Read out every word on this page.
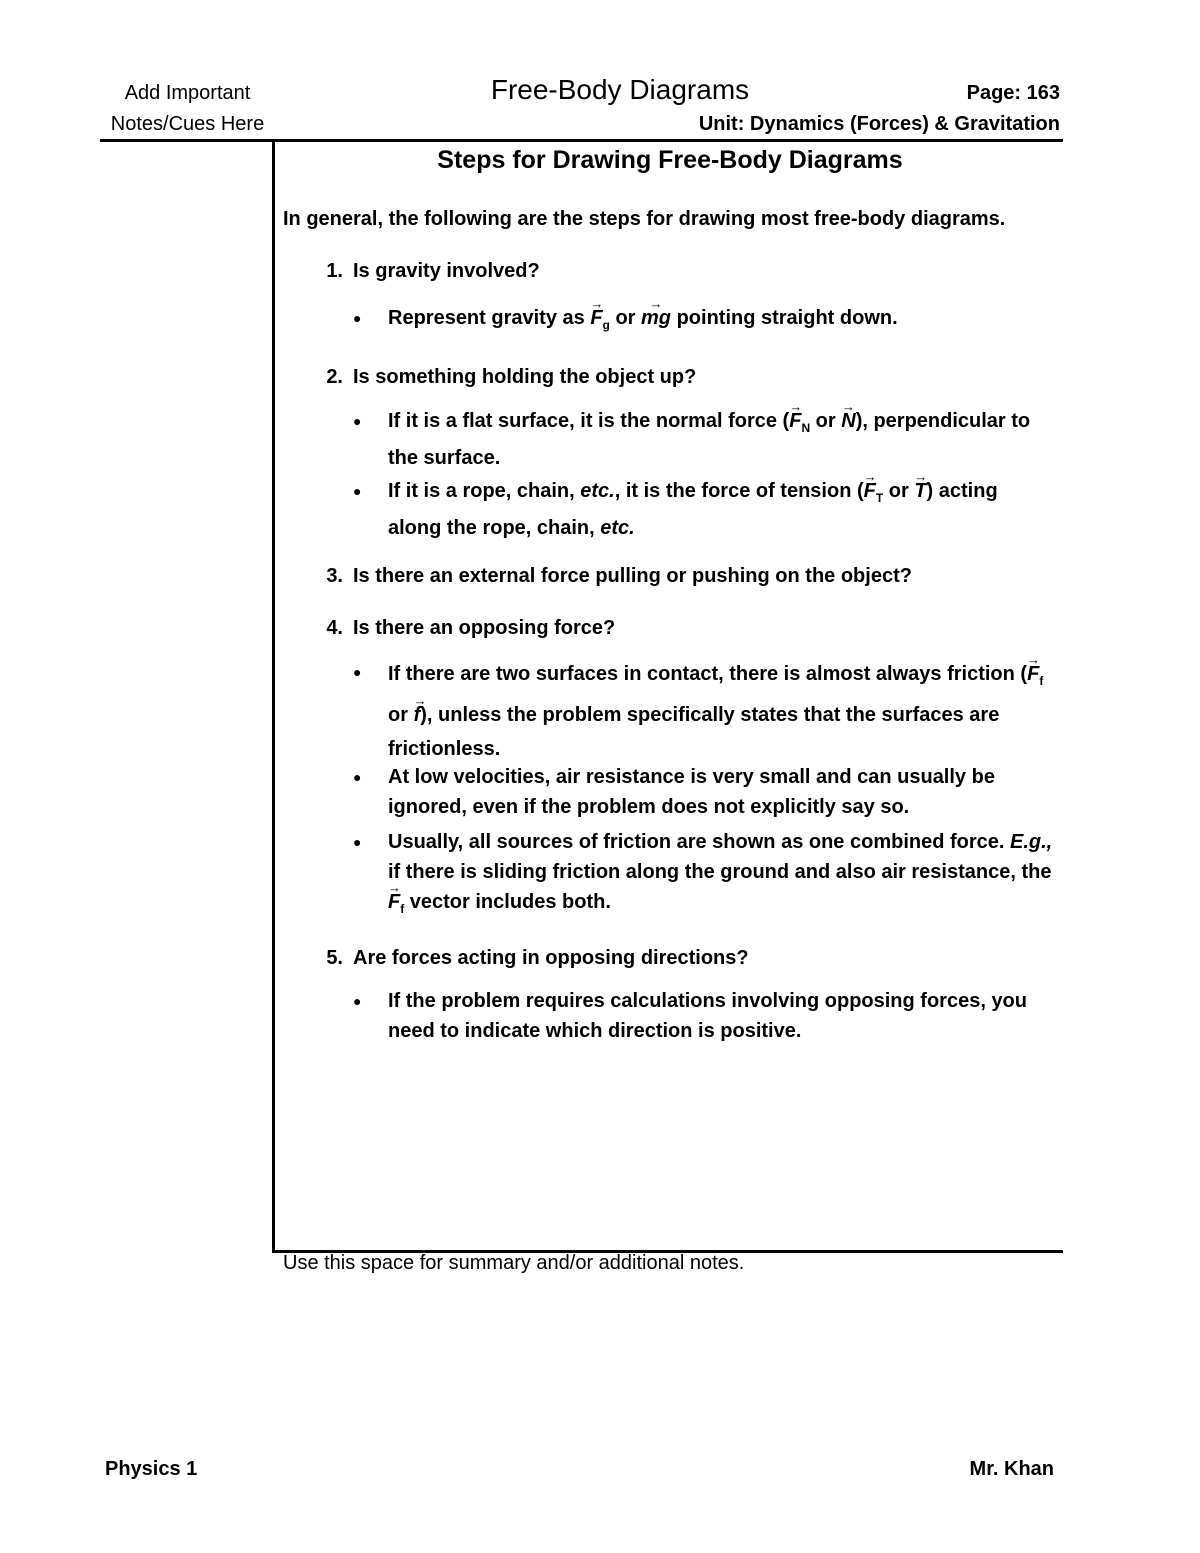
Add Important
Notes/Cues Here
Free-Body Diagrams	Page: 163
Unit: Dynamics (Forces) & Gravitation
Steps for Drawing Free-Body Diagrams
In general, the following are the steps for drawing most free-body diagrams.
1. Is gravity involved?
●	Represent gravity as → $F_g$ or → mg pointing straight down.
2. Is something holding the object up?
●	If it is a flat surface, it is the normal force (→ $F_N$ or → N), perpendicular to the surface.
●	If it is a rope, chain, etc., it is the force of tension (→ $F_T$ or → T) acting along the rope, chain, etc.
3. Is there an external force pulling or pushing on the object?
4. Is there an opposing force?
●	If there are two surfaces in contact, there is almost always friction (→ $F_f$ or → f), unless the problem specifically states that the surfaces are frictionless.
●	At low velocities, air resistance is very small and can usually be ignored, even if the problem does not explicitly say so.
●	Usually, all sources of friction are shown as one combined force. E.g., if there is sliding friction along the ground and also air resistance, the → $F_f$ vector includes both.
5. Are forces acting in opposing directions?
●	If the problem requires calculations involving opposing forces, you need to indicate which direction is positive.
Use this space for summary and/or additional notes.
Physics 1	Mr. Khan
